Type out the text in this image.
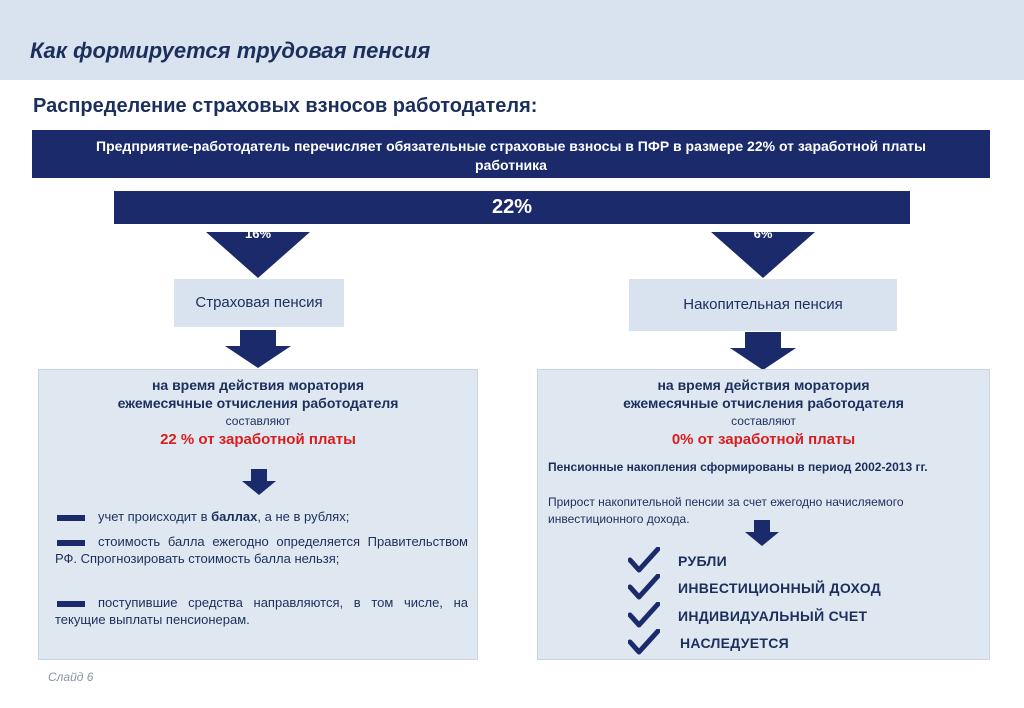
Как формируется трудовая пенсия
Распределение страховых взносов работодателя:
Предприятие-работодатель перечисляет обязательные страховые взносы в ПФР в размере 22% от заработной платы работника
22%
16%	6%
Страховая пенсия	Накопительная пенсия
на время действия моратория
ежемесячные отчисления работодателя
составляют
22 % от заработной платы
учет происходит в баллах, а не в рублях;
стоимость балла ежегодно определяется Правительством РФ. Спрогнозировать стоимость балла нельзя;
поступившие средства направляются, в том числе, на текущие выплаты пенсионерам.
на время действия моратория
ежемесячные отчисления работодателя
составляют
0% от заработной платы
Пенсионные накопления сформированы в период 2002-2013 гг.
Прирост накопительной пенсии за счет ежегодно начисляемого инвестиционного дохода.
РУБЛИ
ИНВЕСТИЦИОННЫЙ ДОХОД
ИНДИВИДУАЛЬНЫЙ СЧЕТ
НАСЛЕДУЕТСЯ
Слайд 6
